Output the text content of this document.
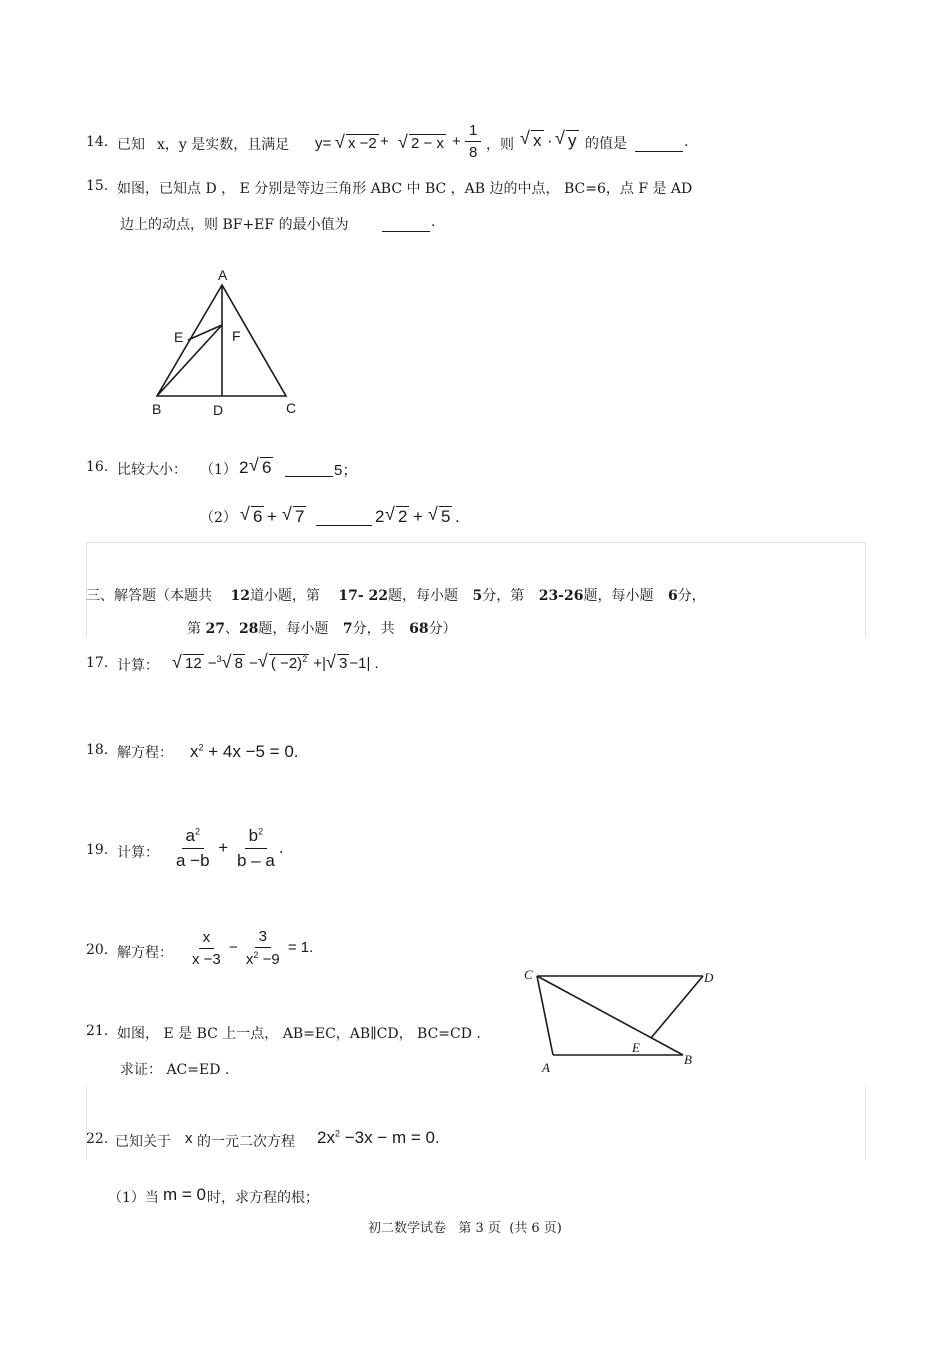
14. 已知 x，y 是实数，且满足 y=	√ x −2 +	√ $2 - x + \frac{1}{8}$ ，则	√ x · √ y 的值是	.
15. 如图，已知点 D ， E 分别是等边三角形 ABC 中 BC ，AB 边的中点， BC=6，点 F 是 AD
边上的动点，则 BF+EF 的最小值为	.
A
B	C
D
E	F
16. 比较大小： （1） 2 √ 6	5；
（2） √ 6 +	√ 7	2 √ 2 +	√ 5 .
三、解答题（本题共 12道小题，第 17- 22题，每小题 5分，第 23-26题，每小题 6分，
第 27、28题，每小题 7分，共 68分）
17. 计算：	√ 12 −$^3$ √ 8 − √ ( −2)$^2$ +| √ 3 −1| .
18. 解方程： $x^2 + 4x -5 = 0$.
19. 计算： $\frac{a^2}{a -b} + \frac{b^2}{b - a}$ .
20. 解方程： $\frac{x}{x -3} - \frac{3}{x^2 -9} = 1$.
C	D
A
B
E
21. 如图， E 是 BC 上一点， AB=EC，AB∥CD， BC=CD .
求证： AC=ED .
22. 已知关于 x 的一元二次方程 $2x^2 -3x - m = 0$.
（1）当 m = 0 时，求方程的根；
初二数学试卷   第 3 页  (共 6 页)
